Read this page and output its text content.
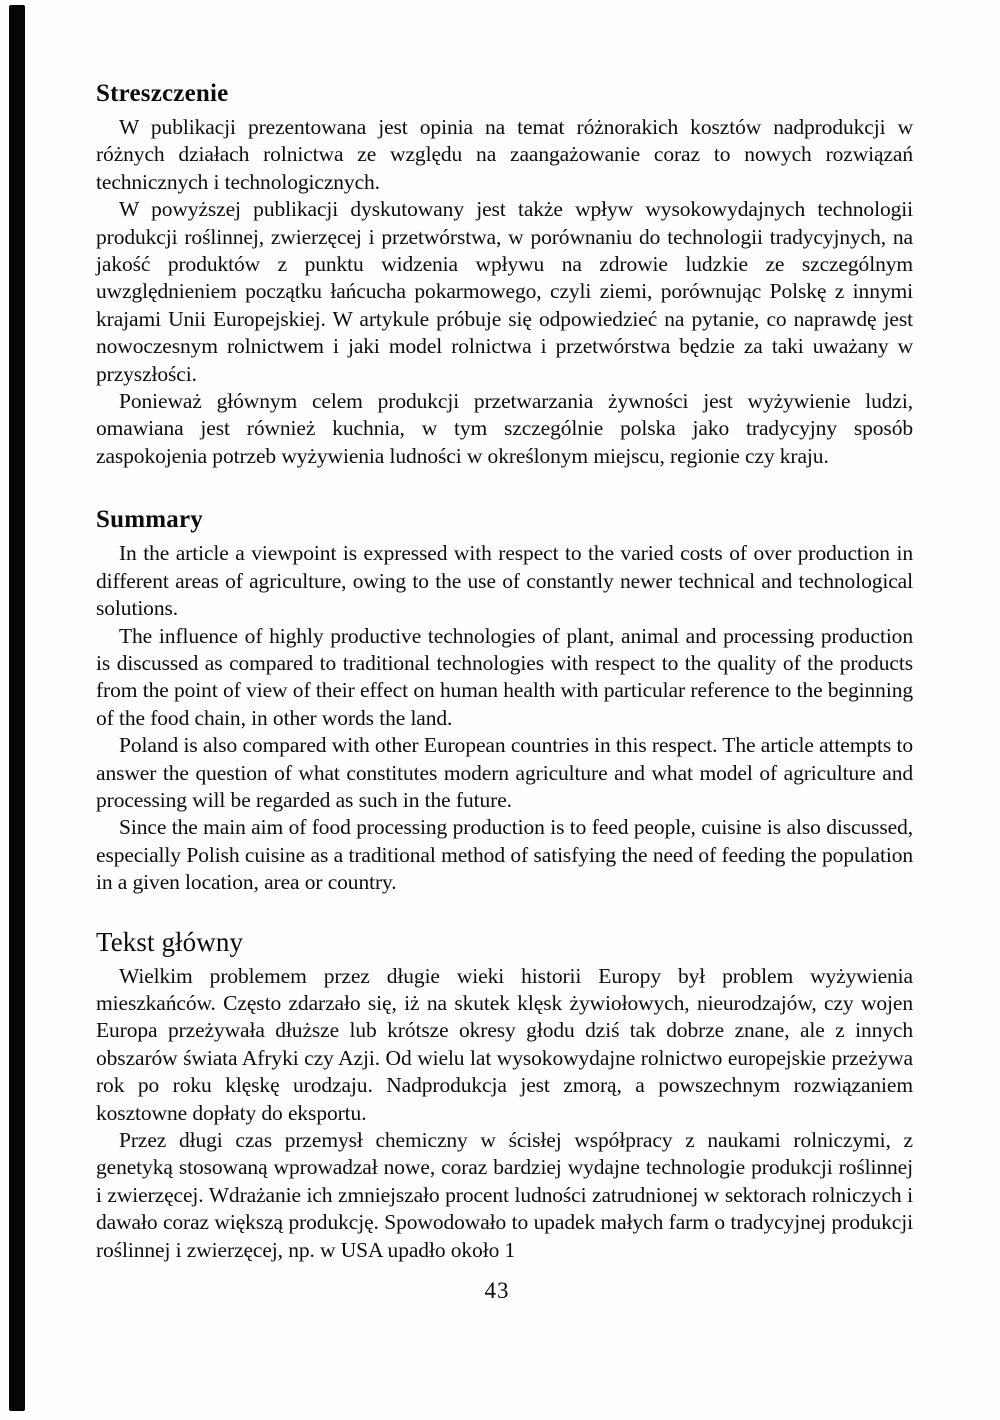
Streszczenie

W publikacji prezentowana jest opinia na temat różnorakich kosztów nadprodukcji w różnych działach rolnictwa ze względu na zaangażowanie coraz to nowych rozwiązań technicznych i technologicznych.

W powyższej publikacji dyskutowany jest także wpływ wysokowydajnych technologii produkcji roślinnej, zwierzęcej i przetwórstwa, w porównaniu do technologii tradycyjnych, na jakość produktów z punktu widzenia wpływu na zdrowie ludzkie ze szczególnym uwzględnieniem początku łańcucha pokarmowego, czyli ziemi, porównując Polskę z innymi krajami Unii Europejskiej. W artykule próbuje się odpowiedzieć na pytanie, co naprawdę jest nowoczesnym rolnictwem i jaki model rolnictwa i przetwórstwa będzie za taki uważany w przyszłości.

Ponieważ głównym celem produkcji przetwarzania żywności jest wyżywienie ludzi, omawiana jest również kuchnia, w tym szczególnie polska jako tradycyjny sposób zaspokojenia potrzeb wyżywienia ludności w określonym miejscu, regionie czy kraju.

Summary

In the article a viewpoint is expressed with respect to the varied costs of over production in different areas of agriculture, owing to the use of constantly newer technical and technological solutions.

The influence of highly productive technologies of plant, animal and processing production is discussed as compared to traditional technologies with respect to the quality of the products from the point of view of their effect on human health with particular reference to the beginning of the food chain, in other words the land.

Poland is also compared with other European countries in this respect. The article attempts to answer the question of what constitutes modern agriculture and what model of agriculture and processing will be regarded as such in the future.

Since the main aim of food processing production is to feed people, cuisine is also discussed, especially Polish cuisine as a traditional method of satisfying the need of feeding the population in a given location, area or country.

Tekst główny

Wielkim problemem przez długie wieki historii Europy był problem wyżywienia mieszkańców. Często zdarzało się, iż na skutek klęsk żywiołowych, nieurodzajów, czy wojen Europa przeżywała dłuższe lub krótsze okresy głodu dziś tak dobrze znane, ale z innych obszarów świata Afryki czy Azji. Od wielu lat wysokowydajne rolnictwo europejskie przeżywa rok po roku klęskę urodzaju. Nadprodukcja jest zmorą, a powszechnym rozwiązaniem kosztowne dopłaty do eksportu.

Przez długi czas przemysł chemiczny w ścisłej współpracy z naukami rolniczymi, z genetyką stosowaną wprowadzał nowe, coraz bardziej wydajne technologie produkcji roślinnej i zwierzęcej. Wdrażanie ich zmniejszało procent ludności zatrudnionej w sektorach rolniczych i dawało coraz większą produkcję. Spowodowało to upadek małych farm o tradycyjnej produkcji roślinnej i zwierzęcej, np. w USA upadło około 1

43
